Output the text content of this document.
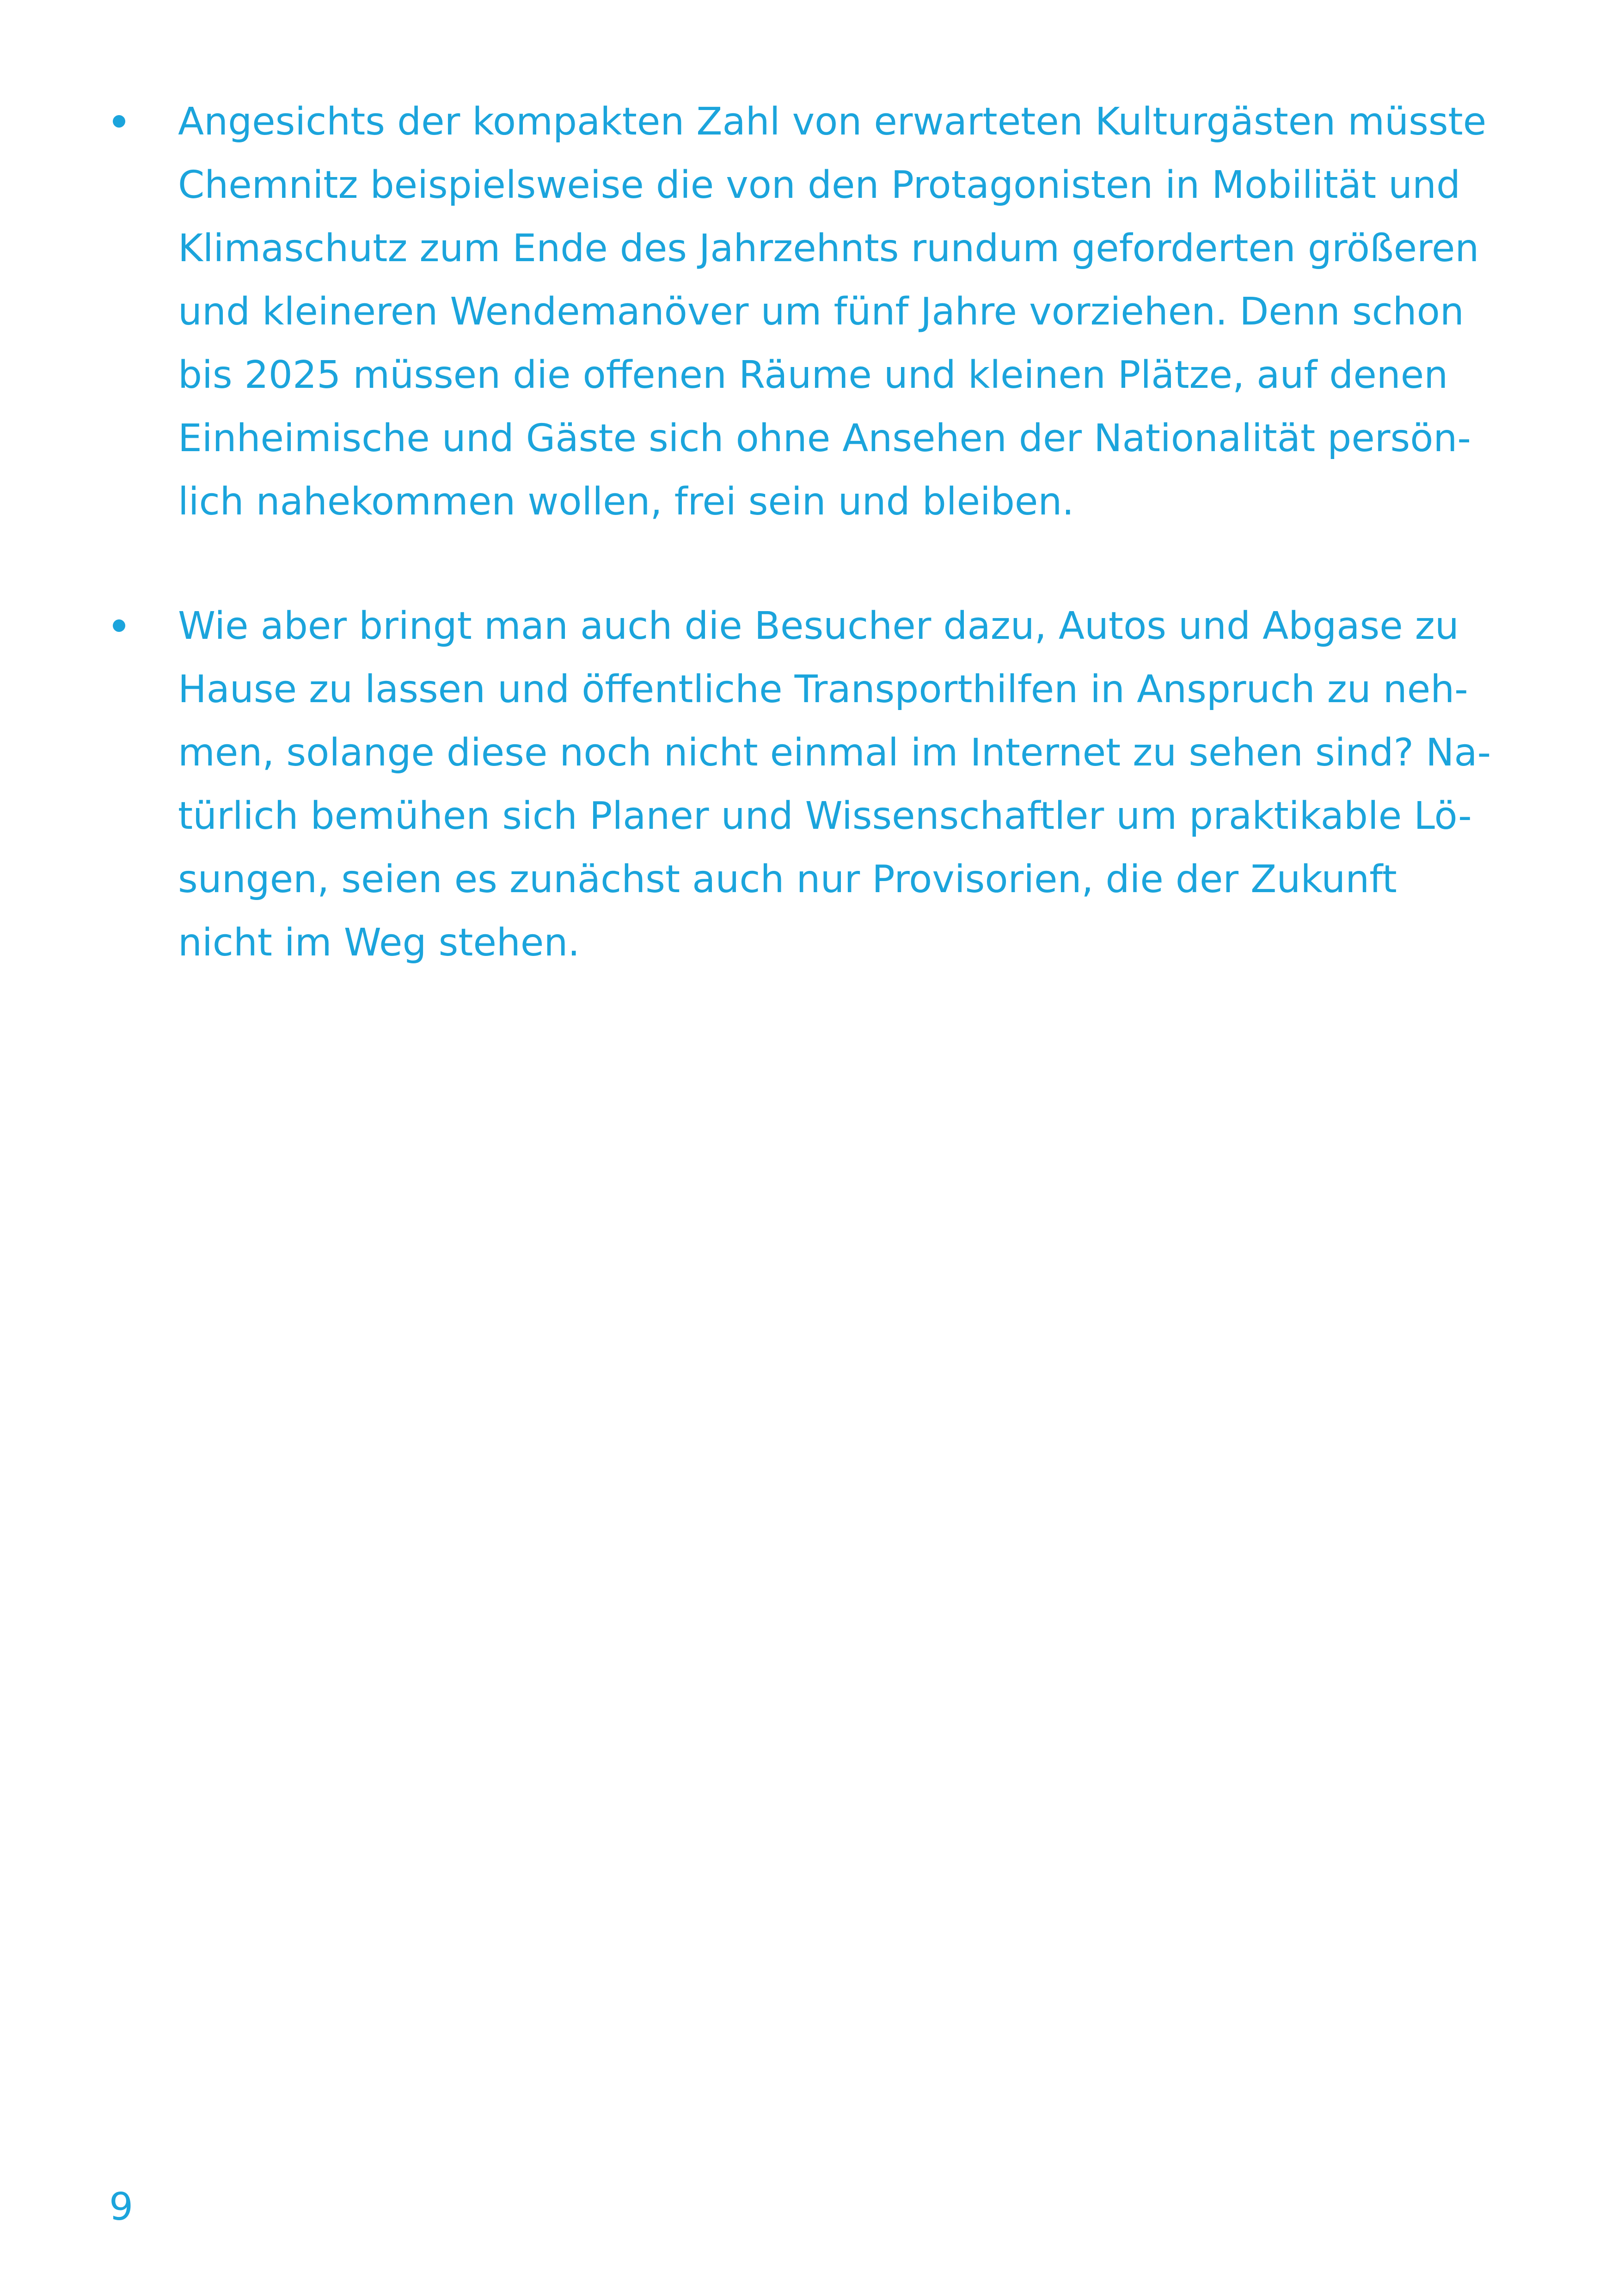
Angesichts der kompakten Zahl von erwarteten Kulturgästen müsste
Chemnitz beispielsweise die von den Protagonisten in Mobilität und
Klimaschutz zum Ende des Jahrzehnts rundum geforderten größeren
und kleineren Wendemanöver um fünf Jahre vorziehen. Denn schon
bis 2025 müssen die offenen Räume und kleinen Plätze, auf denen
Einheimische und Gäste sich ohne Ansehen der Nationalität persön-
lich nahekommen wollen, frei sein und bleiben.
Wie aber bringt man auch die Besucher dazu, Autos und Abgase zu
Hause zu lassen und öffentliche Transporthilfen in Anspruch zu neh-
men, solange diese noch nicht einmal im Internet zu sehen sind? Na-
türlich bemühen sich Planer und Wissenschaftler um praktikable Lö-
sungen, seien es zunächst auch nur Provisorien, die der Zukunft
nicht im Weg stehen.
9
